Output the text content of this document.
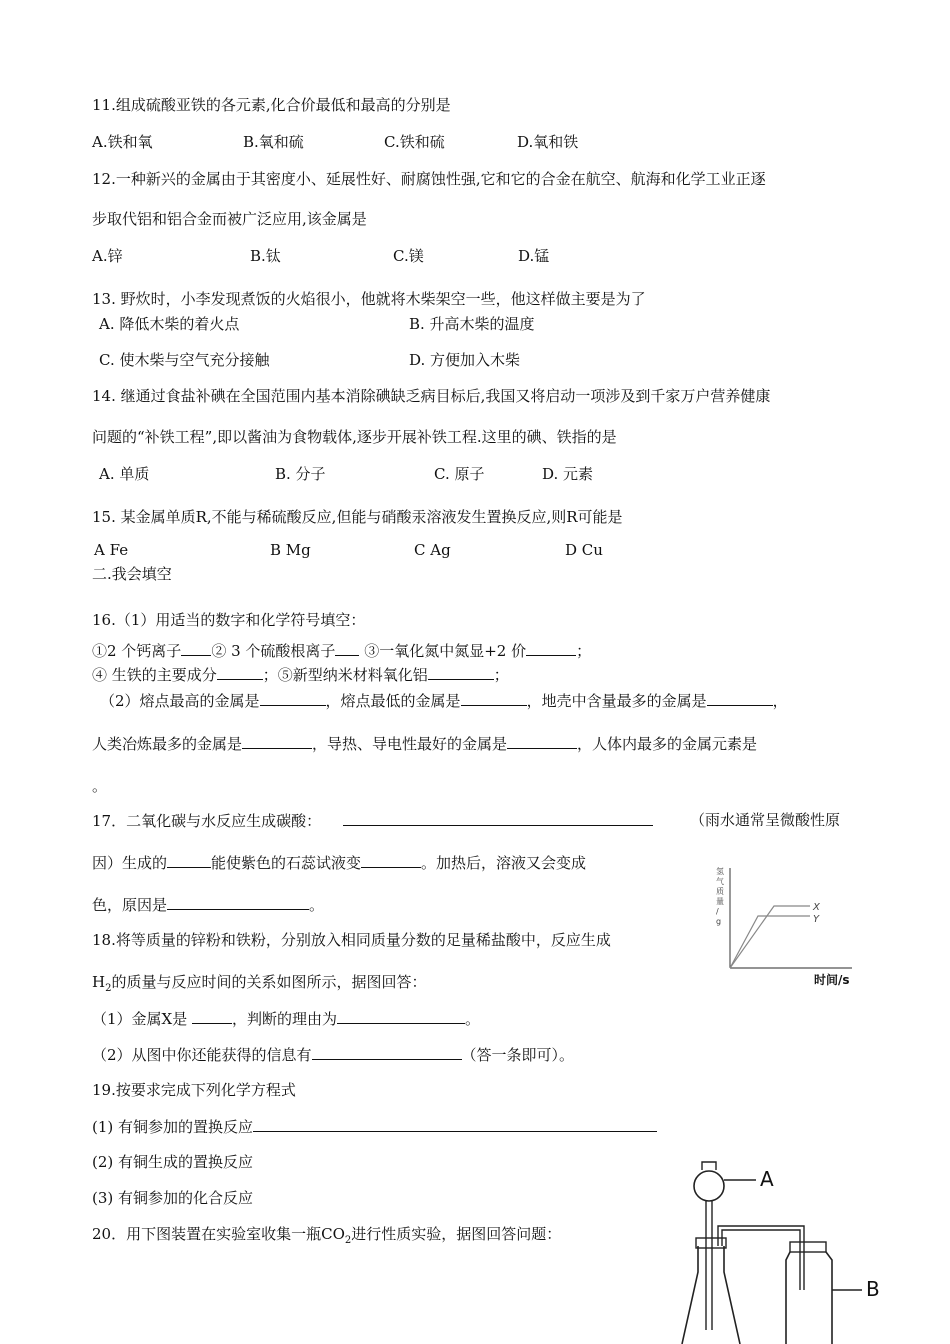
11.组成硫酸亚铁的各元素,化合价最低和最高的分别是
A.铁和氧	B.氧和硫	C.铁和硫	D.氧和铁
12.一种新兴的金属由于其密度小、延展性好、耐腐蚀性强,它和它的合金在航空、航海和化学工业正逐
步取代铝和铝合金而被广泛应用,该金属是
A.锌	B.钛	C.镁	D.锰
13. 野炊时，小李发现煮饭的火焰很小，他就将木柴架空一些，他这样做主要是为了
A. 降低木柴的着火点	B. 升高木柴的温度
C. 使木柴与空气充分接触	D. 方便加入木柴
14. 继通过食盐补碘在全国范围内基本消除碘缺乏病目标后,我国又将启动一项涉及到千家万户营养健康
问题的“补铁工程”,即以酱油为食物载体,逐步开展补铁工程.这里的碘、铁指的是
A. 单质	B. 分子	C. 原子	D. 元素
15. 某金属单质R,不能与稀硫酸反应,但能与硝酸汞溶液发生置换反应,则R可能是
A Fe	B Mg	C Ag	D Cu
二.我会填空
16.（1）用适当的数字和化学符号填空：
①2 个钙离子 ② 3 个硫酸根离子 ③一氧化氮中氮显+2 价	；
④ 生铁的主要成分	；⑤新型纳米材料氧化铝	；
（2）熔点最高的金属是	，熔点最低的金属是	，地壳中含量最多的金属是	，
人类冶炼最多的金属是	，导热、导电性最好的金属是	，人体内最多的金属元素是
。
17．二氧化碳与水反应生成碳酸：	（雨水通常呈微酸性原
因）生成的	能使紫色的石蕊试液变	。加热后，溶液又会变成
色，原因是	。
氢
气
质
量
/
g
X
Y
时间/s
18.将等质量的锌粉和铁粉，分别放入相同质量分数的足量稀盐酸中，反应生成
$H_2$的质量与反应时间的关系如图所示，据图回答：
（1）金属X是	，判断的理由为	。
（2）从图中你还能获得的信息有	（答一条即可）。
19.按要求完成下列化学方程式
(1) 有铜参加的置换反应
(2) 有铜生成的置换反应
(3) 有铜参加的化合反应
20．用下图装置在实验室收集一瓶$CO_2$进行性质实验，据图回答问题：
A
B
